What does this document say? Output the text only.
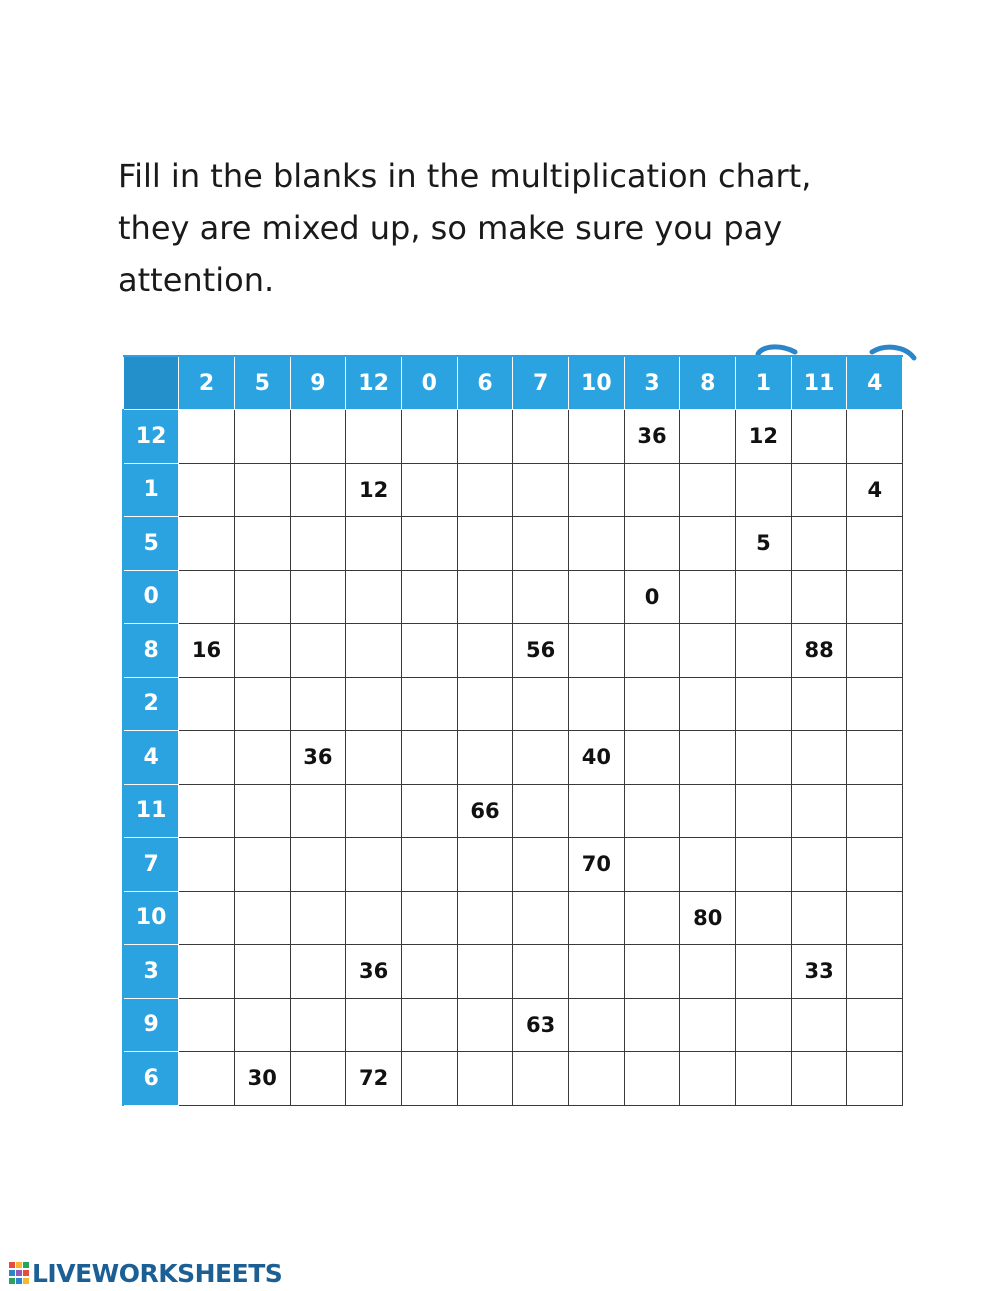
Fill in the blanks in the multiplication chart,
they are mixed up, so make sure you pay
attention.
	2	5	9	12	0	6	7	10	3	8	1	11	4
12									36		12		
1				12									4
5											5		
0									0				
8	16						56					88	
2													
4			36					40					
11						66							
7								70					
10										80			
3				36								33	
9							63						
6		30		72									
LIVEWORKSHEETS
